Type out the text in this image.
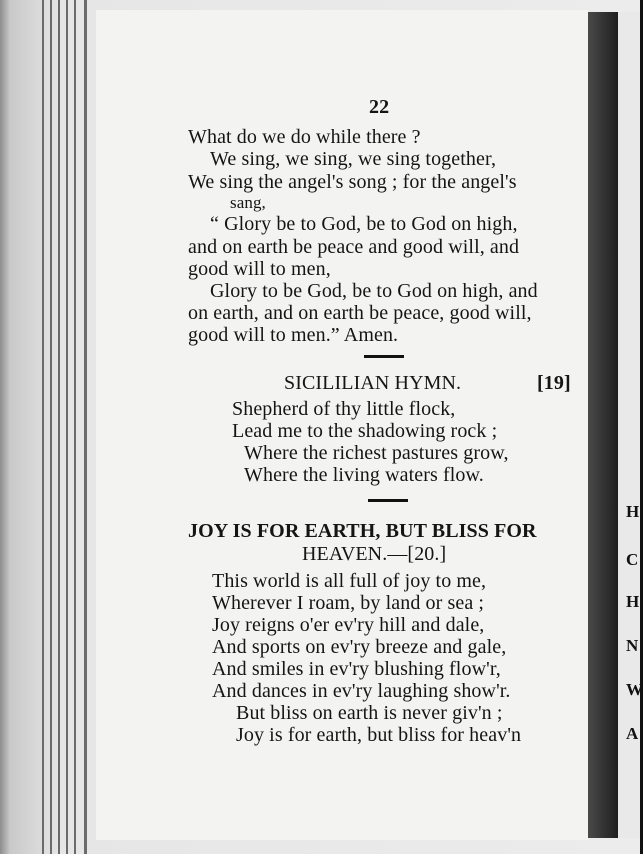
H
C
H
N
W
A
22
What do we do while there ?
We sing, we sing, we sing together,
We sing the angel's song ; for the angel's
sang,
“ Glory be to God, be to God on high,
and on earth be peace and good will, and
good will to men,
Glory to be God, be to God on high, and
on earth, and on earth be peace, good will,
good will to men.” Amen.
SICILILIAN HYMN.	[19]
Shepherd of thy little flock,
Lead me to the shadowing rock ;
Where the richest pastures grow,
Where the living waters flow.
JOY IS FOR EARTH, BUT BLISS FOR
HEAVEN.—[20.]
This world is all full of joy to me,
Wherever I roam, by land or sea ;
Joy reigns o'er ev'ry hill and dale,
And sports on ev'ry breeze and gale,
And smiles in ev'ry blushing flow'r,
And dances in ev'ry laughing show'r.
But bliss on earth is never giv'n ;
Joy is for earth, but bliss for heav'n
